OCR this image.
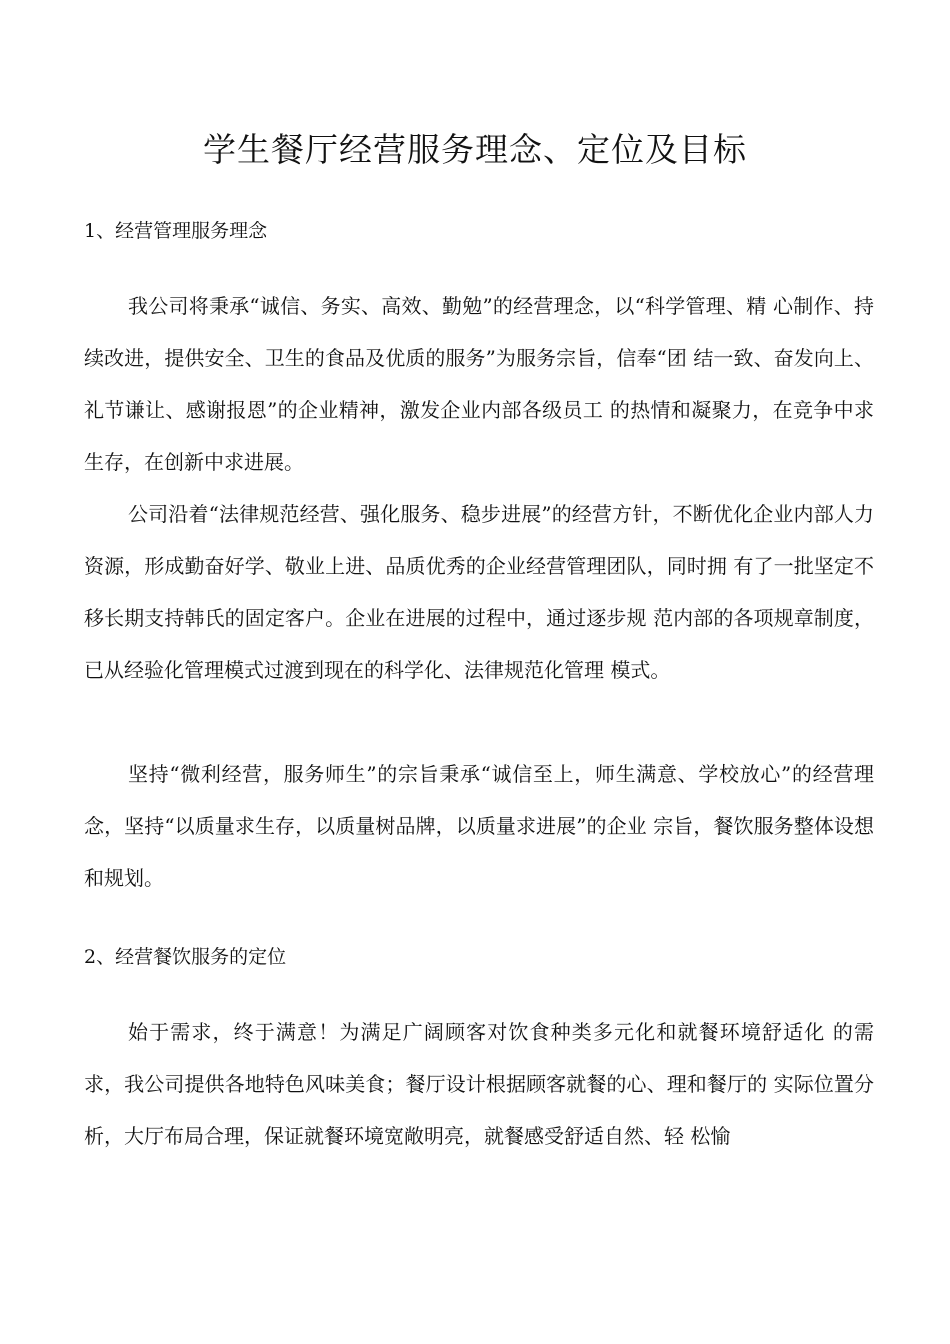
学生餐厅经营服务理念、定位及目标
1、经营管理服务理念

我公司将秉承“诚信、务实、高效、勤勉”的经营理念，以“科学管理、精 心制作、持续改进，提供安全、卫生的食品及优质的服务”为服务宗旨，信奉“团 结一致、奋发向上、礼节谦让、感谢报恩”的企业精神，激发企业内部各级员工 的热情和凝聚力，在竞争中求生存，在创新中求进展。

公司沿着“法律规范经营、强化服务、稳步进展”的经营方针，不断优化企业内部人力资源，形成勤奋好学、敬业上进、品质优秀的企业经营管理团队，同时拥 有了一批坚定不移长期支持韩氏的固定客户。企业在进展的过程中，通过逐步规 范内部的各项规章制度，已从经验化管理模式过渡到现在的科学化、法律规范化管理 模式。

坚持“微利经营，服务师生”的宗旨秉承“诚信至上，师生满意、学校放心”的经营理念，坚持“以质量求生存，以质量树品牌，以质量求进展”的企业 宗旨，餐饮服务整体设想和规划。

2、经营餐饮服务的定位

始于需求，终于满意！为满足广阔顾客对饮食种类多元化和就餐环境舒适化 的需求，我公司提供各地特色风味美食；餐厅设计根据顾客就餐的心、理和餐厅的 实际位置分析，大厅布局合理，保证就餐环境宽敞明亮，就餐感受舒适自然、轻 松愉
